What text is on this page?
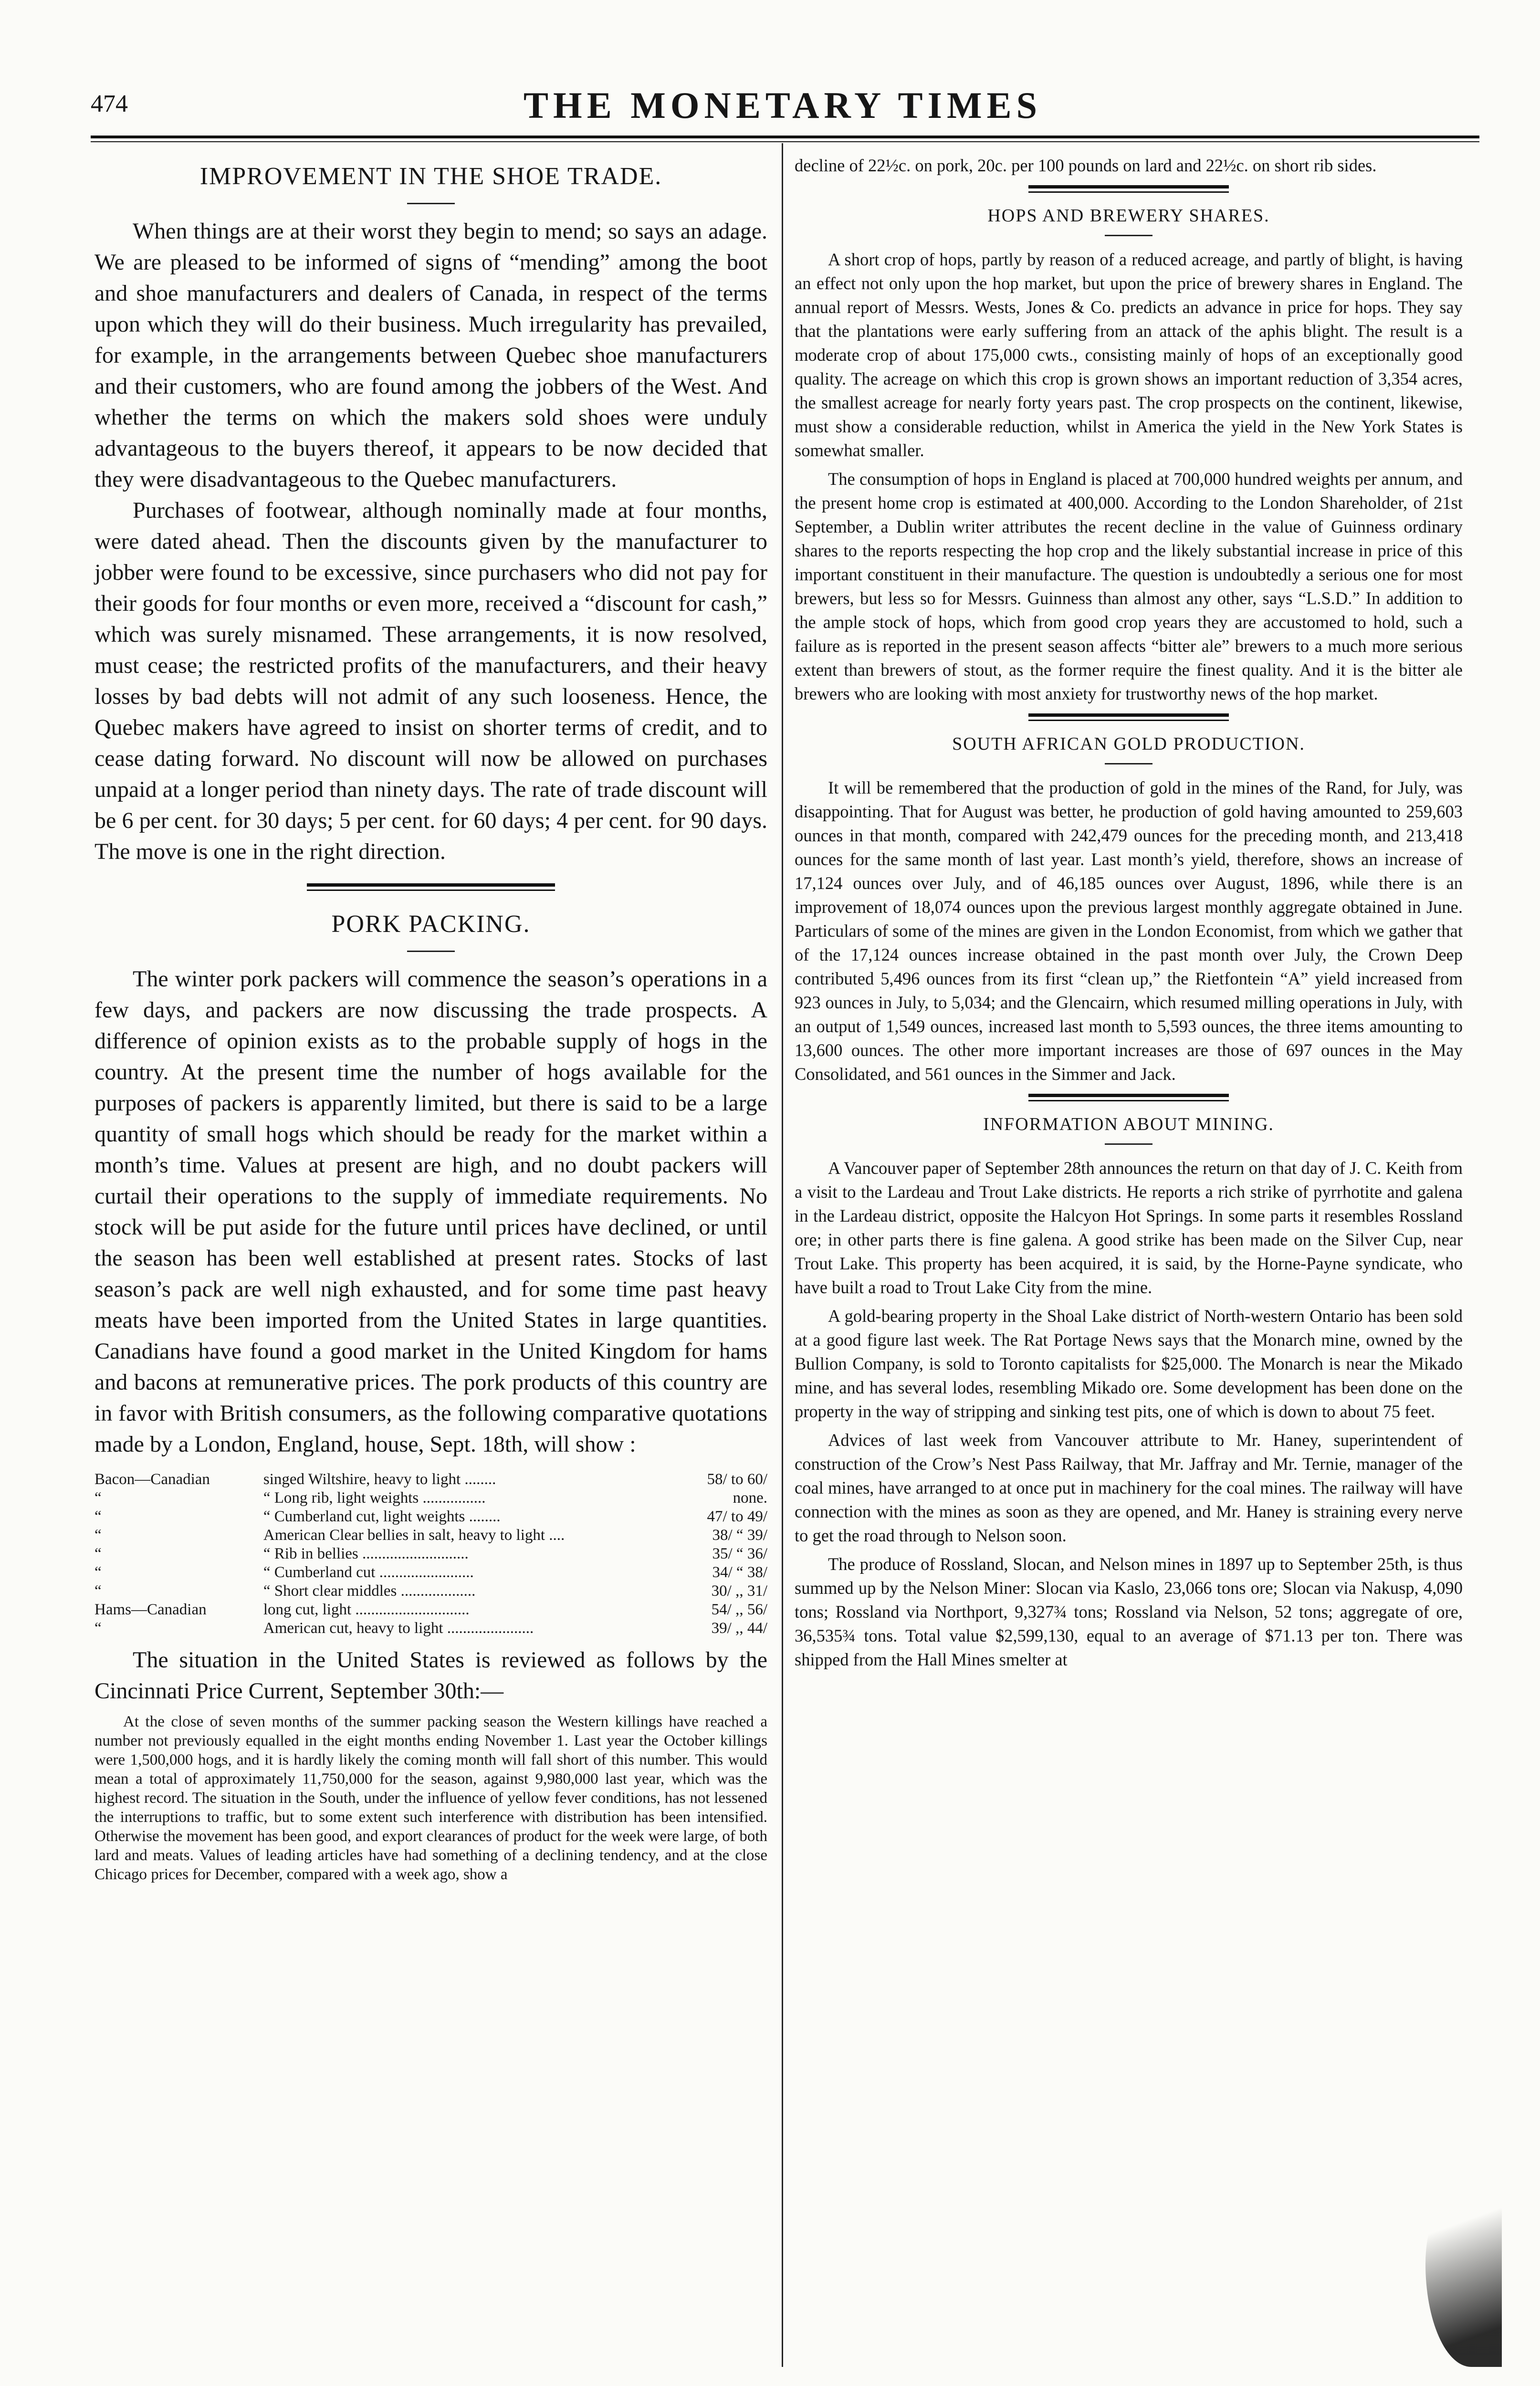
474	THE MONETARY TIMES
IMPROVEMENT IN THE SHOE TRADE.

When things are at their worst they begin to mend; so says an adage. We are pleased to be informed of signs of “mending” among the boot and shoe manufacturers and dealers of Canada, in respect of the terms upon which they will do their business. Much irregularity has prevailed, for example, in the arrangements between Quebec shoe manufacturers and their customers, who are found among the jobbers of the West. And whether the terms on which the makers sold shoes were unduly advantageous to the buyers thereof, it appears to be now decided that they were disadvantageous to the Quebec manufacturers.

Purchases of footwear, although nominally made at four months, were dated ahead. Then the discounts given by the manufacturer to jobber were found to be excessive, since purchasers who did not pay for their goods for four months or even more, received a “discount for cash,” which was surely misnamed. These arrangements, it is now resolved, must cease; the restricted profits of the manufacturers, and their heavy losses by bad debts will not admit of any such looseness. Hence, the Quebec makers have agreed to insist on shorter terms of credit, and to cease dating forward. No discount will now be allowed on purchases unpaid at a longer period than ninety days. The rate of trade discount will be 6 per cent. for 30 days; 5 per cent. for 60 days; 4 per cent. for 90 days. The move is one in the right direction.

PORK PACKING.

The winter pork packers will commence the season’s operations in a few days, and packers are now discussing the trade prospects. A difference of opinion exists as to the probable supply of hogs in the country. At the present time the number of hogs available for the purposes of packers is apparently limited, but there is said to be a large quantity of small hogs which should be ready for the market within a month’s time. Values at present are high, and no doubt packers will curtail their operations to the supply of immediate requirements. No stock will be put aside for the future until prices have declined, or until the season has been well established at present rates. Stocks of last season’s pack are well nigh exhausted, and for some time past heavy meats have been imported from the United States in large quantities. Canadians have found a good market in the United Kingdom for hams and bacons at remunerative prices. The pork products of this country are in favor with British consumers, as the following comparative quotations made by a London, England, house, Sept. 18th, will show :

Bacon—Canadian	singed Wiltshire, heavy to light ........	58/ to 60/
“	“ Long rib, light weights ................	none.
“	“ Cumberland cut, light weights ........	47/ to 49/
“	American Clear bellies in salt, heavy to light ....	38/ “ 39/
“	“ Rib in bellies ...........................	35/ “ 36/
“	“ Cumberland cut ........................	34/ “ 38/
“	“ Short clear middles ...................	30/ ,, 31/
Hams—Canadian	long cut, light .............................	54/ ,, 56/
“	American cut, heavy to light ......................	39/ ,, 44/

The situation in the United States is reviewed as follows by the Cincinnati Price Current, September 30th:—

At the close of seven months of the summer packing season the Western killings have reached a number not previously equalled in the eight months ending November 1. Last year the October killings were 1,500,000 hogs, and it is hardly likely the coming month will fall short of this number. This would mean a total of approximately 11,750,000 for the season, against 9,980,000 last year, which was the highest record. The situation in the South, under the influence of yellow fever conditions, has not lessened the interruptions to traffic, but to some extent such interference with distribution has been intensified. Otherwise the movement has been good, and export clearances of product for the week were large, of both lard and meats. Values of leading articles have had something of a declining tendency, and at the close Chicago prices for December, compared with a week ago, show a

decline of 22½c. on pork, 20c. per 100 pounds on lard and 22½c. on short rib sides.

HOPS AND BREWERY SHARES.

A short crop of hops, partly by reason of a reduced acreage, and partly of blight, is having an effect not only upon the hop market, but upon the price of brewery shares in England. The annual report of Messrs. Wests, Jones & Co. predicts an advance in price for hops. They say that the plantations were early suffering from an attack of the aphis blight. The result is a moderate crop of about 175,000 cwts., consisting mainly of hops of an exceptionally good quality. The acreage on which this crop is grown shows an important reduction of 3,354 acres, the smallest acreage for nearly forty years past. The crop prospects on the continent, likewise, must show a considerable reduction, whilst in America the yield in the New York States is somewhat smaller.

The consumption of hops in England is placed at 700,000 hundred weights per annum, and the present home crop is estimated at 400,000. According to the London Shareholder, of 21st September, a Dublin writer attributes the recent decline in the value of Guinness ordinary shares to the reports respecting the hop crop and the likely substantial increase in price of this important constituent in their manufacture. The question is undoubtedly a serious one for most brewers, but less so for Messrs. Guinness than almost any other, says “L.S.D.” In addition to the ample stock of hops, which from good crop years they are accustomed to hold, such a failure as is reported in the present season affects “bitter ale” brewers to a much more serious extent than brewers of stout, as the former require the finest quality. And it is the bitter ale brewers who are looking with most anxiety for trustworthy news of the hop market.

SOUTH AFRICAN GOLD PRODUCTION.

It will be remembered that the production of gold in the mines of the Rand, for July, was disappointing. That for August was better, he production of gold having amounted to 259,603 ounces in that month, compared with 242,479 ounces for the preceding month, and 213,418 ounces for the same month of last year. Last month’s yield, therefore, shows an increase of 17,124 ounces over July, and of 46,185 ounces over August, 1896, while there is an improvement of 18,074 ounces upon the previous largest monthly aggregate obtained in June. Particulars of some of the mines are given in the London Economist, from which we gather that of the 17,124 ounces increase obtained in the past month over July, the Crown Deep contributed 5,496 ounces from its first “clean up,” the Rietfontein “A” yield increased from 923 ounces in July, to 5,034; and the Glencairn, which resumed milling operations in July, with an output of 1,549 ounces, increased last month to 5,593 ounces, the three items amounting to 13,600 ounces. The other more important increases are those of 697 ounces in the May Consolidated, and 561 ounces in the Simmer and Jack.

INFORMATION ABOUT MINING.

A Vancouver paper of September 28th announces the return on that day of J. C. Keith from a visit to the Lardeau and Trout Lake districts. He reports a rich strike of pyrrhotite and galena in the Lardeau district, opposite the Halcyon Hot Springs. In some parts it resembles Rossland ore; in other parts there is fine galena. A good strike has been made on the Silver Cup, near Trout Lake. This property has been acquired, it is said, by the Horne-Payne syndicate, who have built a road to Trout Lake City from the mine.

A gold-bearing property in the Shoal Lake district of North-western Ontario has been sold at a good figure last week. The Rat Portage News says that the Monarch mine, owned by the Bullion Company, is sold to Toronto capitalists for $25,000. The Monarch is near the Mikado mine, and has several lodes, resembling Mikado ore. Some development has been done on the property in the way of stripping and sinking test pits, one of which is down to about 75 feet.

Advices of last week from Vancouver attribute to Mr. Haney, superintendent of construction of the Crow’s Nest Pass Railway, that Mr. Jaffray and Mr. Ternie, manager of the coal mines, have arranged to at once put in machinery for the coal mines. The railway will have connection with the mines as soon as they are opened, and Mr. Haney is straining every nerve to get the road through to Nelson soon.

The produce of Rossland, Slocan, and Nelson mines in 1897 up to September 25th, is thus summed up by the Nelson Miner: Slocan via Kaslo, 23,066 tons ore; Slocan via Nakusp, 4,090 tons; Rossland via Northport, 9,327¾ tons; Rossland via Nelson, 52 tons; aggregate of ore, 36,535¾ tons. Total value $2,599,130, equal to an average of $71.13 per ton. There was shipped from the Hall Mines smelter at
